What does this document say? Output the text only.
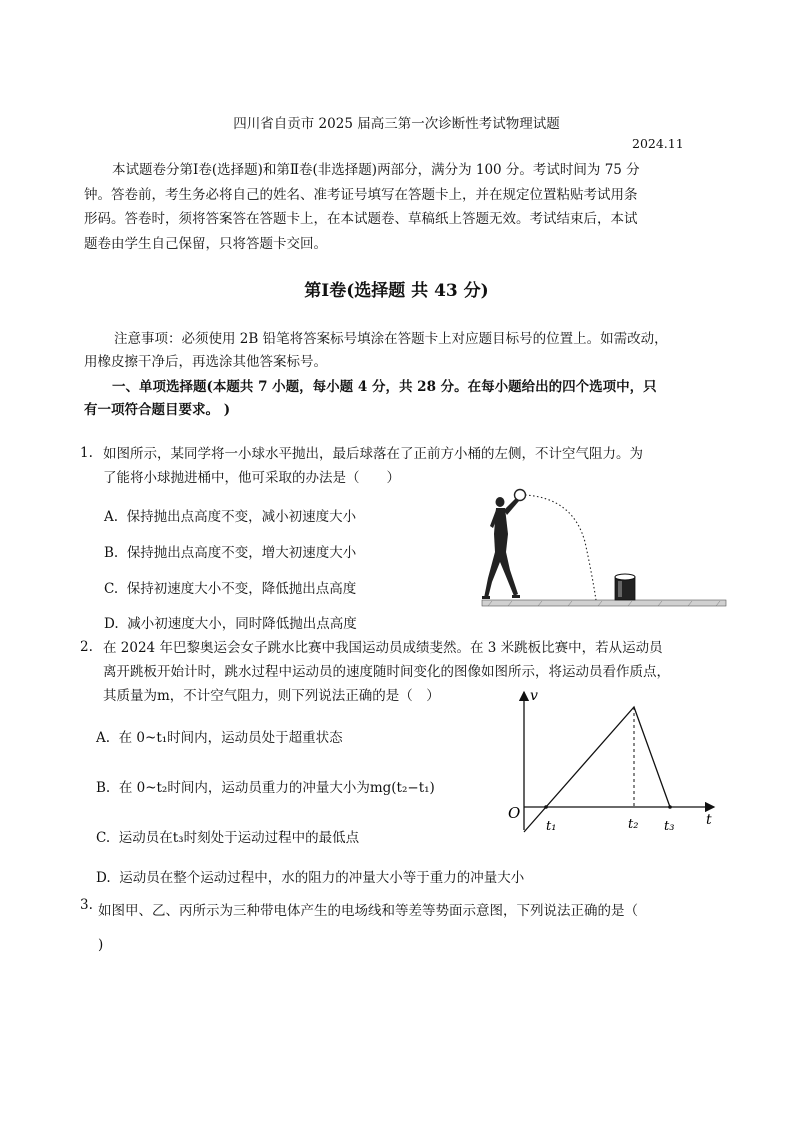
四川省自贡市 2025 届高三第一次诊断性考试物理试题
2024.11
本试题卷分第Ⅰ卷(选择题)和第Ⅱ卷(非选择题)两部分，满分为 100 分。考试时间为 75 分
钟。答卷前，考生务必将自己的姓名、准考证号填写在答题卡上，并在规定位置粘贴考试用条
形码。答卷时，须将答案答在答题卡上，在本试题卷、草稿纸上答题无效。考试结束后，本试
题卷由学生自己保留，只将答题卡交回。
第Ⅰ卷(选择题 共 43 分)
注意事项：必须使用 2B 铅笔将答案标号填涂在答题卡上对应题目标号的位置上。如需改动，
用橡皮擦干净后，再选涂其他答案标号。
一、单项选择题(本题共 7 小题，每小题 4 分，共 28 分。在每小题给出的四个选项中，只
有一项符合题目要求。 )
1. 如图所示，某同学将一小球水平抛出，最后球落在了正前方小桶的左侧，不计空气阻力。为
了能将小球抛进桶中，他可采取的办法是（　　）
A. 保持抛出点高度不变，减小初速度大小
B. 保持抛出点高度不变，增大初速度大小
C. 保持初速度大小不变，降低抛出点高度
D. 减小初速度大小，同时降低抛出点高度
2. 在 2024 年巴黎奥运会女子跳水比赛中我国运动员成绩斐然。在 3 米跳板比赛中，若从运动员
离开跳板开始计时，跳水过程中运动员的速度随时间变化的图像如图所示，将运动员看作质点，
其质量为m，不计空气阻力，则下列说法正确的是（　）
A. 在 0~t₁时间内，运动员处于超重状态
B. 在 0~t₂时间内，运动员重力的冲量大小为mg(t₂−t₁)
C. 运动员在t₃时刻处于运动过程中的最低点
D. 运动员在整个运动过程中，水的阻力的冲量大小等于重力的冲量大小
v
t
O
t₁	t₂ t₃
3. 如图甲、乙、丙所示为三种带电体产生的电场线和等差等势面示意图，下列说法正确的是（
)
